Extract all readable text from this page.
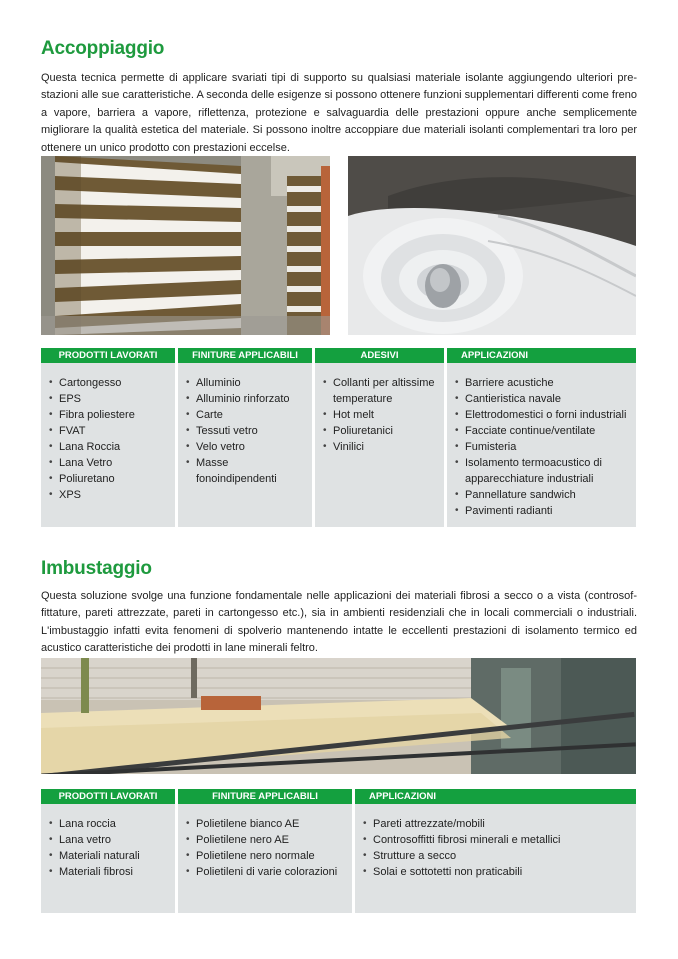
Accoppiaggio

Questa tecnica permette di applicare svariati tipi di supporto su qualsiasi materiale isolante aggiungendo ulteriori pre-stazioni alle sue caratteristiche. A seconda delle esigenze si possono ottenere funzioni supplementari differenti come freno a vapore, barriera a vapore, riflettenza, protezione e salvaguardia delle prestazioni oppure anche semplicemente migliorare la qualità estetica del materiale. Si possono inoltre accoppiare due materiali isolanti complementari tra loro per ottenere un unico prodotto con prestazioni eccelse.

PRODOTTI LAVORATI
• Cartongesso
• EPS
• Fibra poliestere
• FVAT
• Lana Roccia
• Lana Vetro
• Poliuretano
• XPS
FINITURE APPLICABILI
• Alluminio
• Alluminio rinforzato
• Carte
• Tessuti vetro
• Velo vetro
• Masse fonoindipendenti
ADESIVI
• Collanti per altissime temperature
• Hot melt
• Poliuretanici
• Vinilici
APPLICAZIONI
• Barriere acustiche
• Cantieristica navale
• Elettrodomestici o forni industriali
• Facciate continue/ventilate
• Fumisteria
• Isolamento termoacustico di apparecchiature industriali
• Pannellature sandwich
• Pavimenti radianti
Imbustaggio

Questa soluzione svolge una funzione fondamentale nelle applicazioni dei materiali fibrosi a secco o a vista (controsof-fittature, pareti attrezzate, pareti in cartongesso etc.), sia in ambienti residenziali che in locali commerciali o industriali. L'imbustaggio infatti evita fenomeni di spolverio mantenendo intatte le eccellenti prestazioni di isolamento termico ed acustico caratteristiche dei prodotti in lane minerali feltro.

PRODOTTI LAVORATI
• Lana roccia
• Lana vetro
• Materiali naturali
• Materiali fibrosi
FINITURE APPLICABILI
• Polietilene bianco AE
• Polietilene nero AE
• Polietilene nero normale
• Polietileni di varie colorazioni
APPLICAZIONI
• Pareti attrezzate/mobili
• Controsoffitti fibrosi minerali e metallici
• Strutture a secco
• Solai e sottotetti non praticabili
